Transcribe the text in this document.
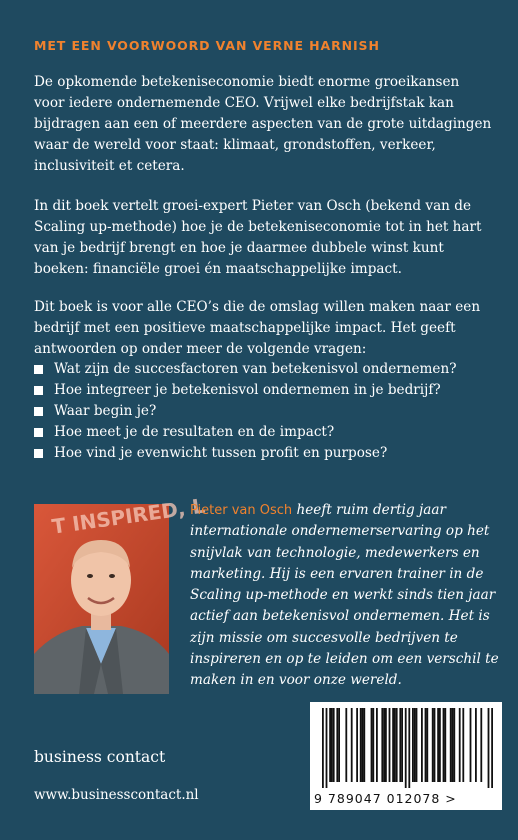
MET EEN VOORWOORD VAN VERNE HARNISH

De opkomende betekeniseconomie biedt enorme groeikansen voor iedere ondernemende CEO. Vrijwel elke bedrijfstak kan bijdragen aan een of meerdere aspecten van de grote uitdagingen waar de wereld voor staat: klimaat, grondstoffen, verkeer, inclusiviteit et cetera.

In dit boek vertelt groei-expert Pieter van Osch (bekend van de Scaling up-methode) hoe je de betekeniseconomie tot in het hart van je bedrijf brengt en hoe je daarmee dubbele winst kunt boeken: financiële groei én maatschappelijke impact.

Dit boek is voor alle CEO’s die de omslag willen maken naar een bedrijf met een positieve maatschappelijke impact. Het geeft antwoorden op onder meer de volgende vragen:

Wat zijn de succesfactoren van betekenisvol ondernemen?
Hoe integreer je betekenisvol ondernemen in je bedrijf?
Waar begin je?
Hoe meet je de resultaten en de impact?
Hoe vind je evenwicht tussen profit en purpose?
T INSPIRED, L

Pieter van Osch heeft ruim dertig jaar internationale ondernemerservaring op het snijvlak van technologie, medewerkers en marketing. Hij is een ervaren trainer in de Scaling up-methode en werkt sinds tien jaar actief aan betekenisvol ondernemen. Het is zijn missie om succesvolle bedrijven te inspireren en op te leiden om een verschil te maken in en voor onze wereld.

business contact
www.businesscontact.nl	9 789047 012078 >
